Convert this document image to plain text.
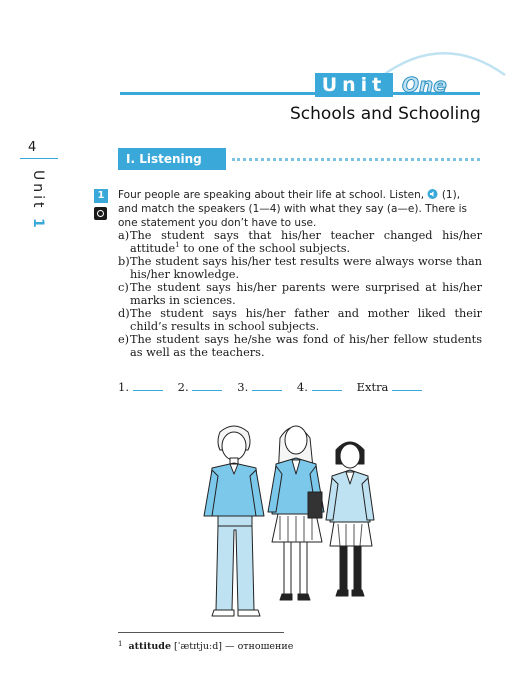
Unit One
Schools and Schooling
4
Unit 1
I. Listening
1	Four people are speaking about their life at school. Listen, (1), and match the speakers (1—4) with what they say (a—e). There is one statement you don’t have to use.
a) The student says that his/her teacher changed his/her attitude$^1$ to one of the school subjects.
b) The student says his/her test results were always worse than his/her knowledge.
c) The student says his/her parents were surprised at his/her marks in sciences.
d) The student says his/her father and mother liked their child’s results in school subjects.
e) The student says he/she was fond of his/her fellow students as well as the teachers.
1.	2.	3.	4.	Extra
$^1$ attitude [ˈætɪtjuːd] — отношение
